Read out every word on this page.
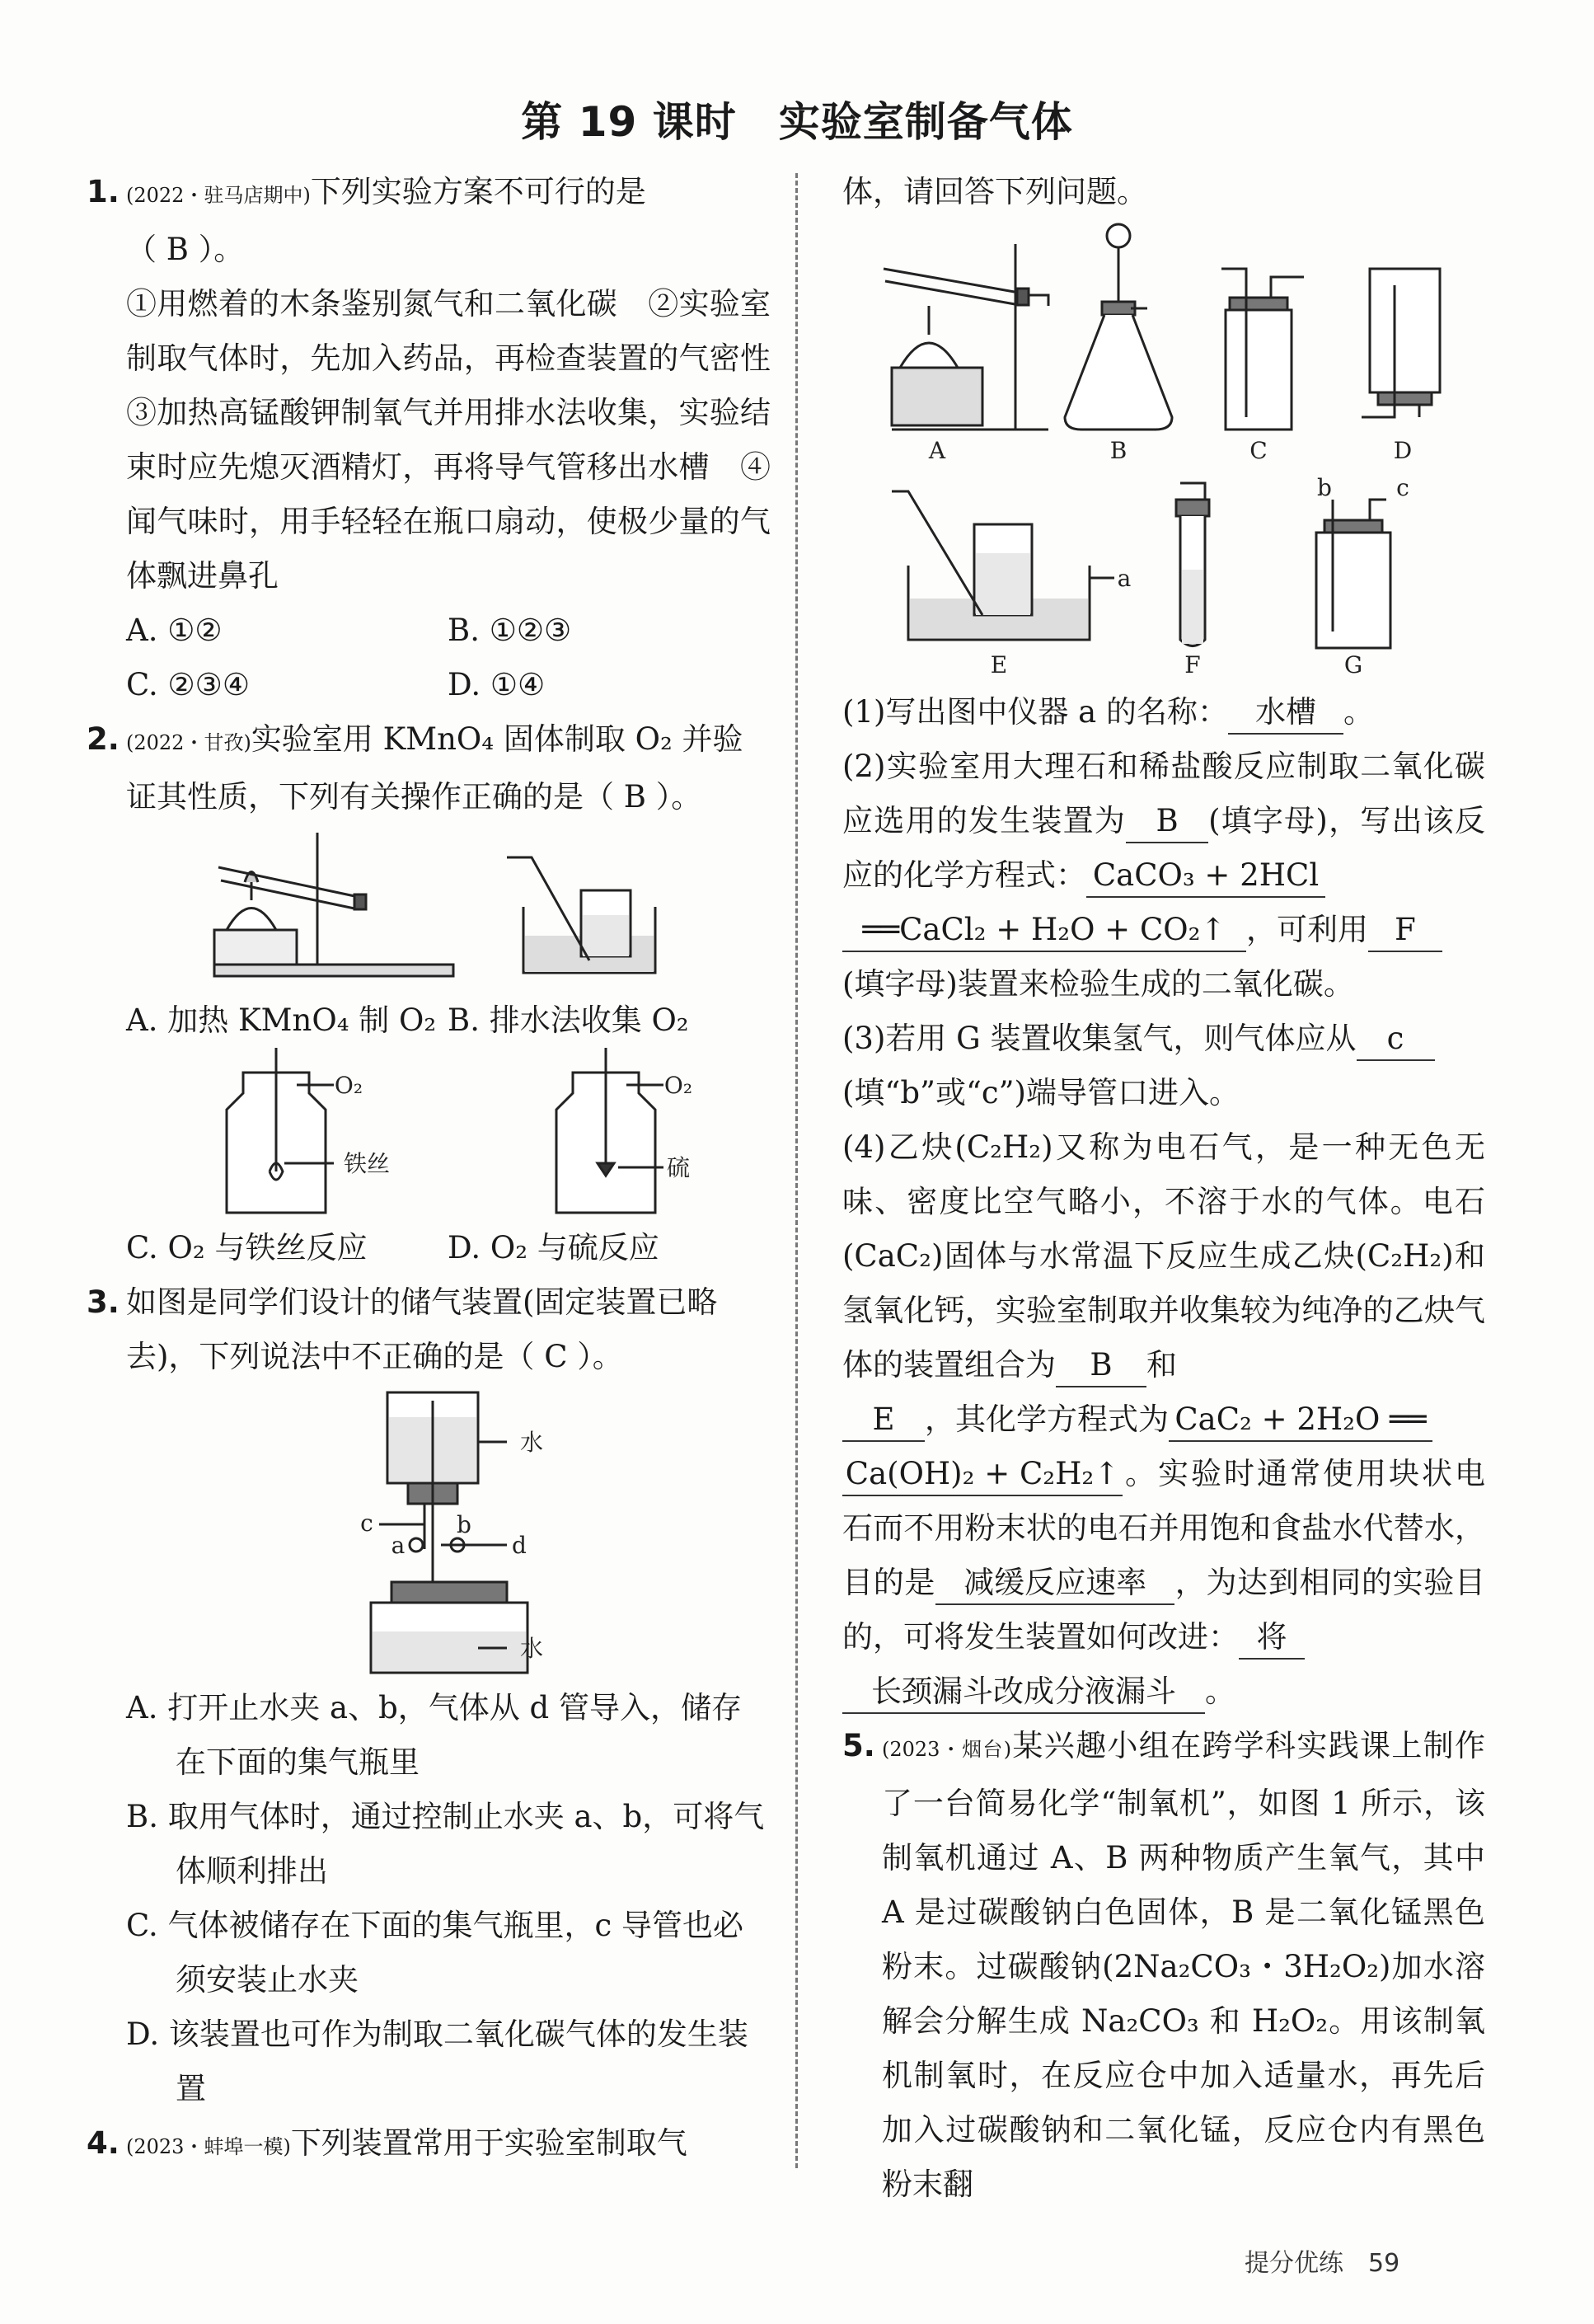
第 19 课时　实验室制备气体

1. (2022・驻马店期中)下列实验方案不可行的是

（ B ）。

①用燃着的木条鉴别氮气和二氧化碳　②实验室制取气体时，先加入药品，再检查装置的气密性　③加热高锰酸钾制氧气并用排水法收集，实验结束时应先熄灭酒精灯，再将导气管移出水槽　④闻气味时，用手轻轻在瓶口扇动，使极少量的气体飘进鼻孔

A. ①②	B. ①②③
C. ②③④	D. ①④

2. (2022・甘孜)实验室用 KMnO₄ 固体制取 O₂ 并验证其性质，下列有关操作正确的是（ B ）。

A. 加热 KMnO₄ 制 O₂ B. 排水法收集 O₂
O₂
铁丝
O₂
硫
C. O₂ 与铁丝反应	D. O₂ 与硫反应

3. 如图是同学们设计的储气装置(固定装置已略去)，下列说法中不正确的是（ C ）。

水
水
c
a
b
d

A. 打开止水夹 a、b，气体从 d 管导入，储存在下面的集气瓶里

B. 取用气体时，通过控制止水夹 a、b，可将气体顺利排出

C. 气体被储存在下面的集气瓶里，c 导管也必须安装止水夹

D. 该装置也可作为制取二氧化碳气体的发生装置

4. (2023・蚌埠一模)下列装置常用于实验室制取气

体，请回答下列问题。

A	B	C	D
a
E	F
b	c
G

(1)写出图中仪器 a 的名称： 水槽 。

(2)实验室用大理石和稀盐酸反应制取二氧化碳应选用的发生装置为 B (填字母)，写出该反应的化学方程式： CaCO₃ + 2HCl
══CaCl₂ + H₂O + CO₂↑ ，可利用 F
(填字母)装置来检验生成的二氧化碳。

(3)若用 G 装置收集氢气，则气体应从 c
(填“b”或“c”)端导管口进入。

(4)乙炔(C₂H₂)又称为电石气，是一种无色无味、密度比空气略小，不溶于水的气体。电石(CaC₂)固体与水常温下反应生成乙炔(C₂H₂)和氢氧化钙，实验室制取并收集较为纯净的乙炔气体的装置组合为 B 和
E ，其化学方程式为 CaC₂ + 2H₂O ══
Ca(OH)₂ + C₂H₂↑ 。实验时通常使用块状电石而不用粉末状的电石并用饱和食盐水代替水，目的是 减缓反应速率 ，为达到相同的实验目的，可将发生装置如何改进： 将
长颈漏斗改成分液漏斗 。

5. (2023・烟台)某兴趣小组在跨学科实践课上制作了一台简易化学“制氧机”，如图 1 所示，该制氧机通过 A、B 两种物质产生氧气，其中 A 是过碳酸钠白色固体，B 是二氧化锰黑色粉末。过碳酸钠(2Na₂CO₃・3H₂O₂)加水溶解会分解生成 Na₂CO₃ 和 H₂O₂。用该制氧机制氧时，在反应仓中加入适量水，再先后加入过碳酸钠和二氧化锰，反应仓内有黑色粉末翻

提分优练 59
